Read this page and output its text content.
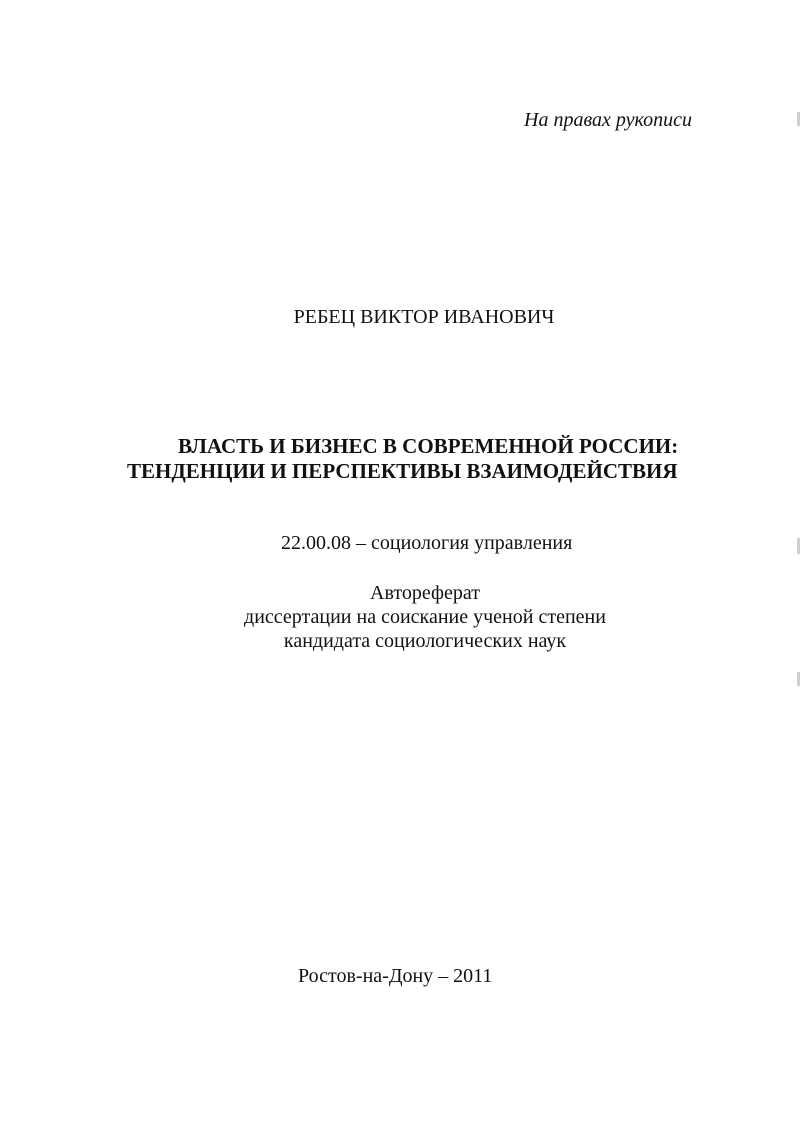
На правах рукописи
РЕБЕЦ ВИКТОР ИВАНОВИЧ
ВЛАСТЬ И БИЗНЕС В СОВРЕМЕННОЙ РОССИИ:
ТЕНДЕНЦИИ И ПЕРСПЕКТИВЫ ВЗАИМОДЕЙСТВИЯ
22.00.08 – социология управления
Автореферат
диссертации на соискание ученой степени
кандидата социологических наук
Ростов-на-Дону – 2011
